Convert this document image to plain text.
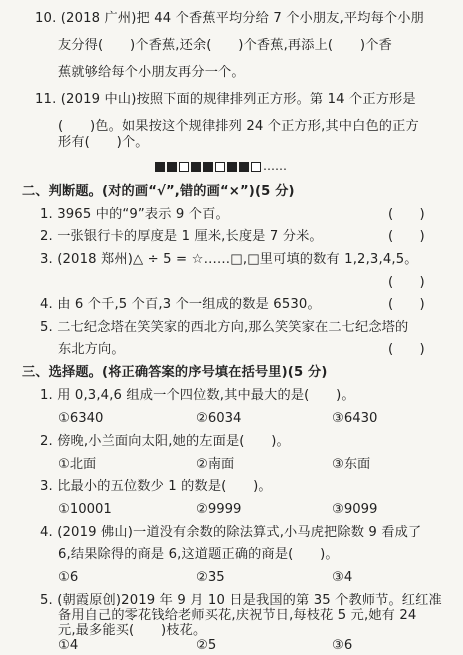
10. (2018 广州)把 44 个香蕉平均分给 7 个小朋友,平均每个小朋
友分得(　　)个香蕉,还余(　　)个香蕉,再添上(　　)个香
蕉就够给每个小朋友再分一个。
11. (2019 中山)按照下面的规律排列正方形。第 14 个正方形是
(　　)色。如果按这个规律排列 24 个正方形,其中白色的正方
形有(　　)个。
……
二、判断题。(对的画“√”,错的画“×”)(5 分)
1. 3965 中的“9”表示 9 个百。	(　　)
2. 一张银行卡的厚度是 1 厘米,长度是 7 分米。	(　　)
3. (2018 郑州)△ ÷ 5 = ☆……□,□里可填的数有 1,2,3,4,5。
(　　)
4. 由 6 个千,5 个百,3 个一组成的数是 6530。	(　　)
5. 二七纪念塔在笑笑家的西北方向,那么笑笑家在二七纪念塔的
东北方向。	(　　)
三、选择题。(将正确答案的序号填在括号里)(5 分)
1. 用 0,3,4,6 组成一个四位数,其中最大的是(　　)。
①6340	②6034	③6430
2. 傍晚,小兰面向太阳,她的左面是(　　)。
①北面	②南面	③东面
3. 比最小的五位数少 1 的数是(　　)。
①10001	②9999	③9099
4. (2019 佛山)一道没有余数的除法算式,小马虎把除数 9 看成了
6,结果除得的商是 6,这道题正确的商是(　　)。
①6	②35	③4
5. (朝霞原创)2019 年 9 月 10 日是我国的第 35 个教师节。红红准
备用自己的零花钱给老师买花,庆祝节日,每枝花 5 元,她有 24
元,最多能买(　　)枝花。
①4	②5	③6
